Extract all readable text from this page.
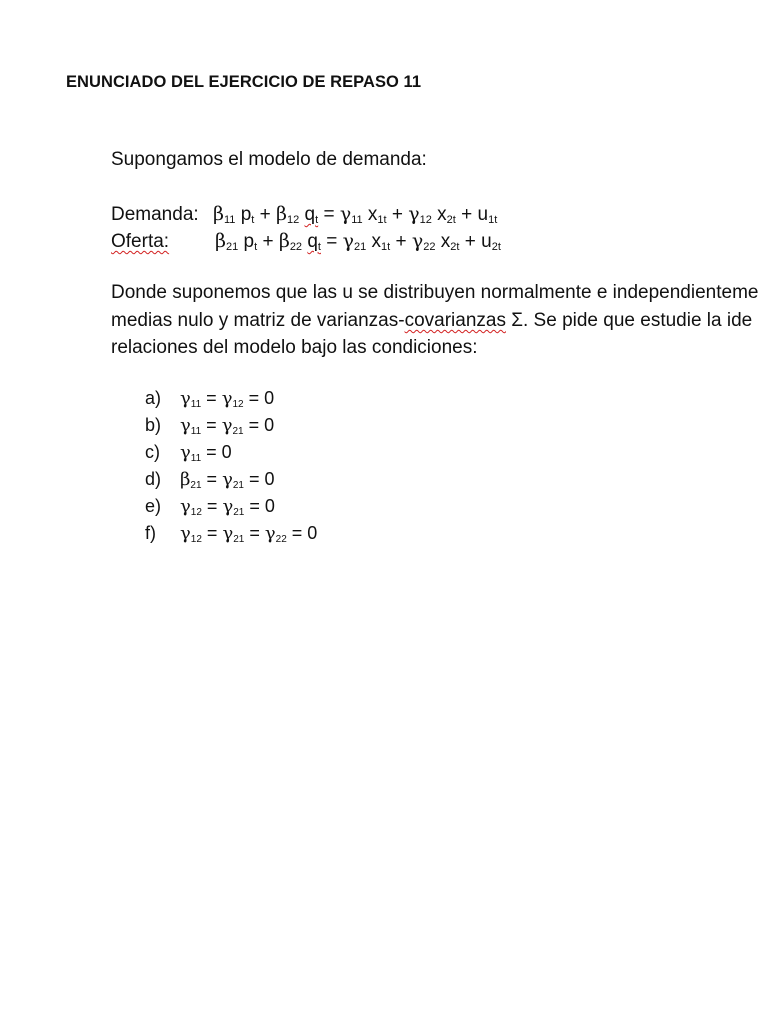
ENUNCIADO DEL EJERCICIO DE REPASO 11
Supongamos el modelo de demanda:
Demanda: $\beta_{11}$ $p_t + \beta_{12}$ $q_t = \gamma_{11}$ $x_{1t} + \gamma_{12}$ $x_{2t} + u_{1t}$
Oferta: $\beta_{21}$ $p_t + \beta_{22}$ $q_t = \gamma_{21}$ $x_{1t} + \gamma_{22}$ $x_{2t} + u_{2t}$
Donde suponemos que las u se distribuyen normalmente e independienteme
medias nulo y matriz de varianzas-covarianzas Σ. Se pide que estudie la ide
relaciones del modelo bajo las condiciones:
a) $\gamma_{11} = \gamma_{12} = 0$
b) $\gamma_{11} = \gamma_{21} = 0$
c) $\gamma_{11} = 0$
d) $\beta_{21} = \gamma_{21} = 0$
e) $\gamma_{12} = \gamma_{21} = 0$
f) $\gamma_{12} = \gamma_{21} = \gamma_{22} = 0$
